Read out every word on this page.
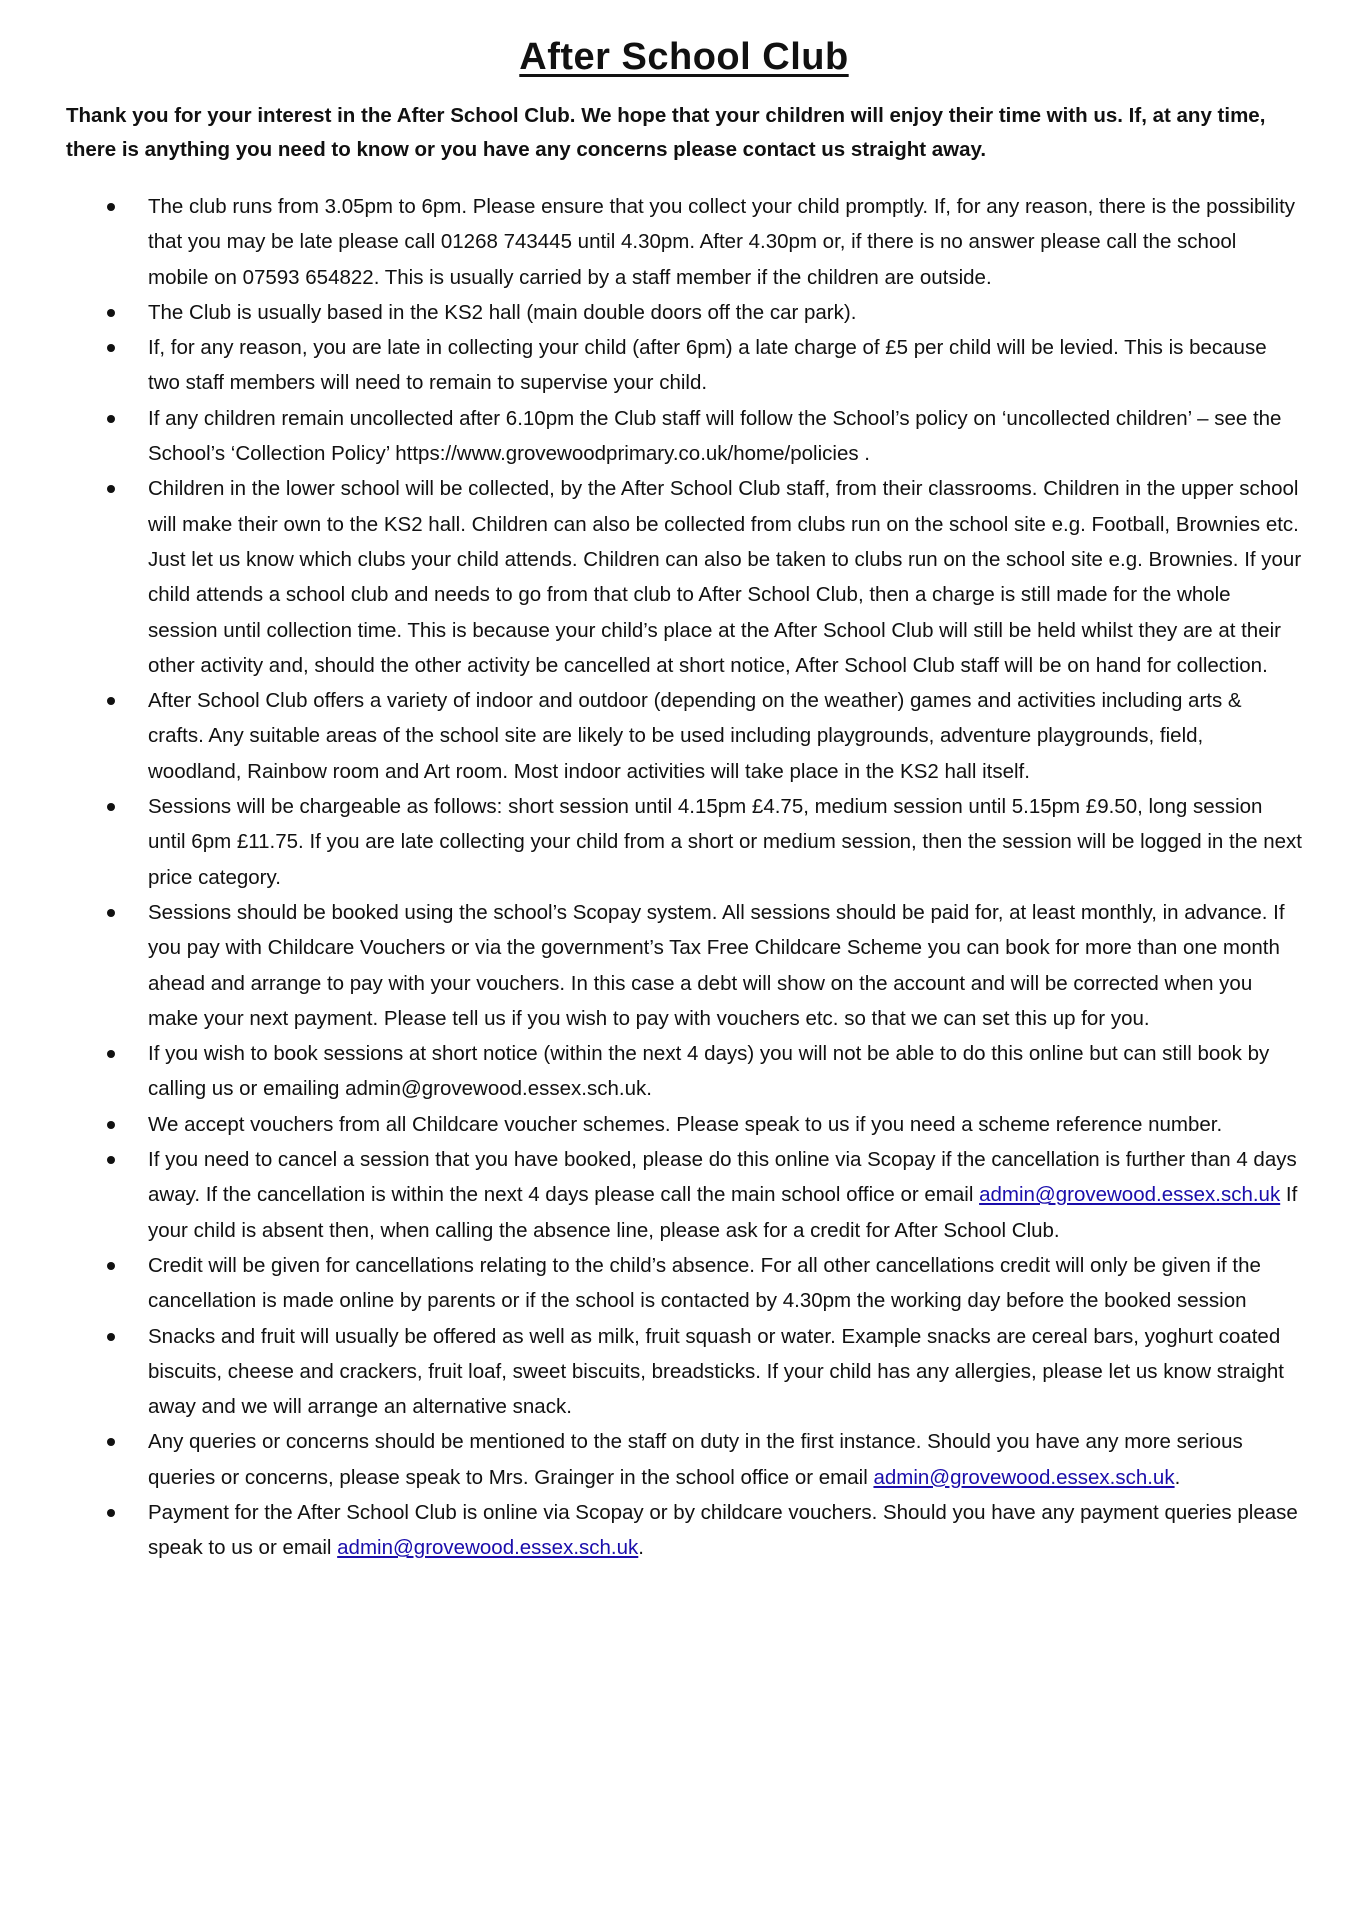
After School Club

Thank you for your interest in the After School Club. We hope that your children will enjoy their time with us. If, at any time, there is anything you need to know or you have any concerns please contact us straight away.

The club runs from 3.05pm to 6pm. Please ensure that you collect your child promptly. If, for any reason, there is the possibility that you may be late please call 01268 743445 until 4.30pm. After 4.30pm or, if there is no answer please call the school mobile on 07593 654822. This is usually carried by a staff member if the children are outside.
The Club is usually based in the KS2 hall (main double doors off the car park).
If, for any reason, you are late in collecting your child (after 6pm) a late charge of £5 per child will be levied. This is because two staff members will need to remain to supervise your child.
If any children remain uncollected after 6.10pm the Club staff will follow the School’s policy on ‘uncollected children’ – see the School’s ‘Collection Policy’ https://www.grovewoodprimary.co.uk/home/policies .
Children in the lower school will be collected, by the After School Club staff, from their classrooms. Children in the upper school will make their own to the KS2 hall. Children can also be collected from clubs run on the school site e.g. Football, Brownies etc. Just let us know which clubs your child attends. Children can also be taken to clubs run on the school site e.g. Brownies. If your child attends a school club and needs to go from that club to After School Club, then a charge is still made for the whole session until collection time. This is because your child’s place at the After School Club will still be held whilst they are at their other activity and, should the other activity be cancelled at short notice, After School Club staff will be on hand for collection.
After School Club offers a variety of indoor and outdoor (depending on the weather) games and activities including arts & crafts. Any suitable areas of the school site are likely to be used including playgrounds, adventure playgrounds, field, woodland, Rainbow room and Art room. Most indoor activities will take place in the KS2 hall itself.
Sessions will be chargeable as follows: short session until 4.15pm £4.75, medium session until 5.15pm £9.50, long session until 6pm £11.75. If you are late collecting your child from a short or medium session, then the session will be logged in the next price category.
Sessions should be booked using the school’s Scopay system. All sessions should be paid for, at least monthly, in advance. If you pay with Childcare Vouchers or via the government’s Tax Free Childcare Scheme you can book for more than one month ahead and arrange to pay with your vouchers. In this case a debt will show on the account and will be corrected when you make your next payment. Please tell us if you wish to pay with vouchers etc. so that we can set this up for you.
If you wish to book sessions at short notice (within the next 4 days) you will not be able to do this online but can still book by calling us or emailing admin@grovewood.essex.sch.uk.
We accept vouchers from all Childcare voucher schemes. Please speak to us if you need a scheme reference number.
If you need to cancel a session that you have booked, please do this online via Scopay if the cancellation is further than 4 days away. If the cancellation is within the next 4 days please call the main school office or email admin@grovewood.essex.sch.uk If your child is absent then, when calling the absence line, please ask for a credit for After School Club.
Credit will be given for cancellations relating to the child’s absence. For all other cancellations credit will only be given if the cancellation is made online by parents or if the school is contacted by 4.30pm the working day before the booked session
Snacks and fruit will usually be offered as well as milk, fruit squash or water. Example snacks are cereal bars, yoghurt coated biscuits, cheese and crackers, fruit loaf, sweet biscuits, breadsticks. If your child has any allergies, please let us know straight away and we will arrange an alternative snack.
Any queries or concerns should be mentioned to the staff on duty in the first instance. Should you have any more serious queries or concerns, please speak to Mrs. Grainger in the school office or email admin@grovewood.essex.sch.uk.
Payment for the After School Club is online via Scopay or by childcare vouchers. Should you have any payment queries please speak to us or email admin@grovewood.essex.sch.uk.
